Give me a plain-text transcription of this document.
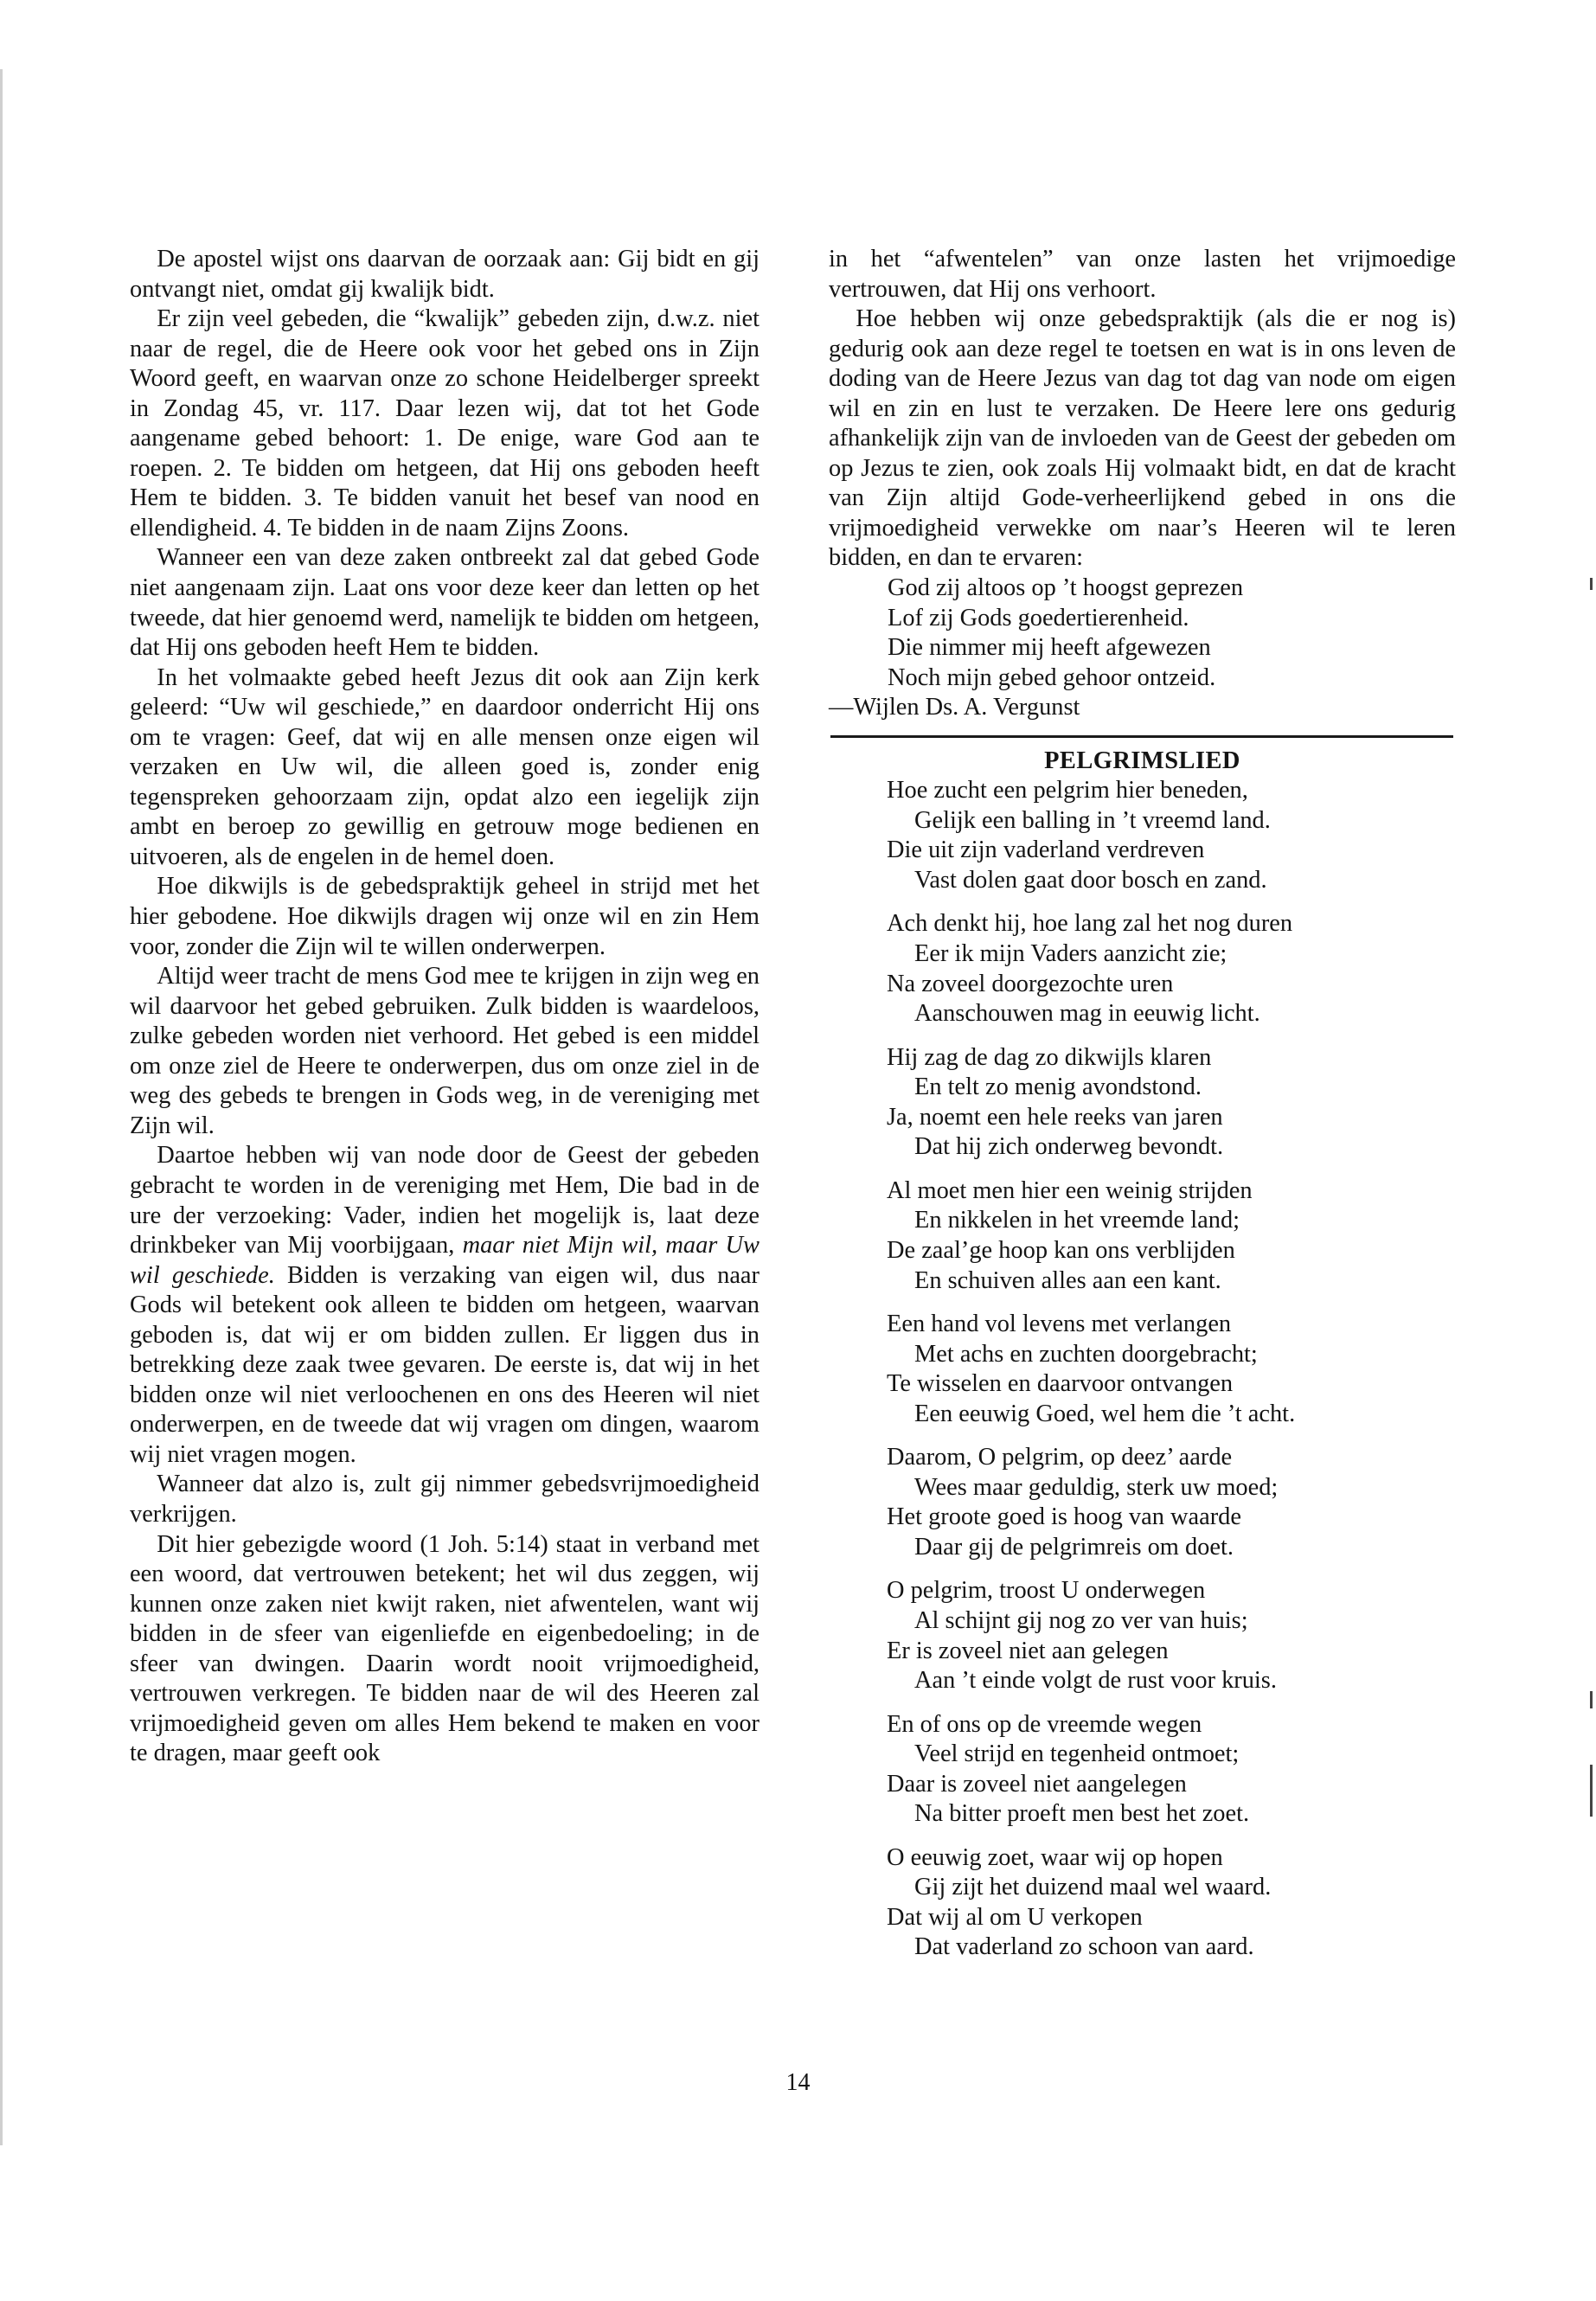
De apostel wijst ons daarvan de oorzaak aan: Gij bidt en gij ontvangt niet, omdat gij kwalijk bidt.

Er zijn veel gebeden, die “kwalijk” gebeden zijn, d.w.z. niet naar de regel, die de Heere ook voor het gebed ons in Zijn Woord geeft, en waarvan onze zo schone Heidelberger spreekt in Zondag 45, vr. 117. Daar lezen wij, dat tot het Gode aangename gebed behoort: 1. De enige, ware God aan te roepen. 2. Te bidden om hetgeen, dat Hij ons geboden heeft Hem te bidden. 3. Te bidden vanuit het besef van nood en ellendigheid. 4. Te bidden in de naam Zijns Zoons.

Wanneer een van deze zaken ontbreekt zal dat gebed Gode niet aangenaam zijn. Laat ons voor deze keer dan letten op het tweede, dat hier genoemd werd, namelijk te bidden om hetgeen, dat Hij ons geboden heeft Hem te bidden.

In het volmaakte gebed heeft Jezus dit ook aan Zijn kerk geleerd: “Uw wil geschiede,” en daardoor onderricht Hij ons om te vragen: Geef, dat wij en alle mensen onze eigen wil verzaken en Uw wil, die alleen goed is, zonder enig tegenspreken gehoorzaam zijn, opdat alzo een iegelijk zijn ambt en beroep zo gewillig en getrouw moge bedienen en uitvoeren, als de engelen in de hemel doen.

Hoe dikwijls is de gebedspraktijk geheel in strijd met het hier gebodene. Hoe dikwijls dragen wij onze wil en zin Hem voor, zonder die Zijn wil te willen onderwerpen.

Altijd weer tracht de mens God mee te krijgen in zijn weg en wil daarvoor het gebed gebruiken. Zulk bidden is waardeloos, zulke gebeden worden niet verhoord. Het gebed is een middel om onze ziel de Heere te onderwerpen, dus om onze ziel in de weg des gebeds te brengen in Gods weg, in de vereniging met Zijn wil.

Daartoe hebben wij van node door de Geest der gebeden gebracht te worden in de vereniging met Hem, Die bad in de ure der verzoeking: Vader, indien het mogelijk is, laat deze drinkbeker van Mij voorbijgaan, maar niet Mijn wil, maar Uw wil geschiede. Bidden is verzaking van eigen wil, dus naar Gods wil betekent ook alleen te bidden om hetgeen, waarvan geboden is, dat wij er om bidden zullen. Er liggen dus in betrekking deze zaak twee gevaren. De eerste is, dat wij in het bidden onze wil niet verloochenen en ons des Heeren wil niet onderwerpen, en de tweede dat wij vragen om dingen, waarom wij niet vragen mogen.

Wanneer dat alzo is, zult gij nimmer gebedsvrijmoedigheid verkrijgen.

Dit hier gebezigde woord (1 Joh. 5:14) staat in verband met een woord, dat vertrouwen betekent; het wil dus zeggen, wij kunnen onze zaken niet kwijt raken, niet afwentelen, want wij bidden in de sfeer van eigenliefde en eigenbedoeling; in de sfeer van dwingen. Daarin wordt nooit vrijmoedigheid, vertrouwen verkregen. Te bidden naar de wil des Heeren zal vrijmoedigheid geven om alles Hem bekend te maken en voor te dragen, maar geeft ook

in het “afwentelen” van onze lasten het vrijmoedige vertrouwen, dat Hij ons verhoort.

Hoe hebben wij onze gebedspraktijk (als die er nog is) gedurig ook aan deze regel te toetsen en wat is in ons leven de doding van de Heere Jezus van dag tot dag van node om eigen wil en zin en lust te verzaken. De Heere lere ons gedurig afhankelijk zijn van de invloeden van de Geest der gebeden om op Jezus te zien, ook zoals Hij volmaakt bidt, en dat de kracht van Zijn altijd Gode-verheerlijkend gebed in ons die vrijmoedigheid verwekke om naar’s Heeren wil te leren bidden, en dan te ervaren:

God zij altoos op ’t hoogst geprezen
Lof zij Gods goedertierenheid.
Die nimmer mij heeft afgewezen
Noch mijn gebed gehoor ontzeid.

—Wijlen Ds. A. Vergunst

PELGRIMSLIED
Hoe zucht een pelgrim hier beneden,
Gelijk een balling in ’t vreemd land.
Die uit zijn vaderland verdreven
Vast dolen gaat door bosch en zand.
Ach denkt hij, hoe lang zal het nog duren
Eer ik mijn Vaders aanzicht zie;
Na zoveel doorgezochte uren
Aanschouwen mag in eeuwig licht.
Hij zag de dag zo dikwijls klaren
En telt zo menig avondstond.
Ja, noemt een hele reeks van jaren
Dat hij zich onderweg bevondt.
Al moet men hier een weinig strijden
En nikkelen in het vreemde land;
De zaal’ge hoop kan ons verblijden
En schuiven alles aan een kant.
Een hand vol levens met verlangen
Met achs en zuchten doorgebracht;
Te wisselen en daarvoor ontvangen
Een eeuwig Goed, wel hem die ’t acht.
Daarom, O pelgrim, op deez’ aarde
Wees maar geduldig, sterk uw moed;
Het groote goed is hoog van waarde
Daar gij de pelgrimreis om doet.
O pelgrim, troost U onderwegen
Al schijnt gij nog zo ver van huis;
Er is zoveel niet aan gelegen
Aan ’t einde volgt de rust voor kruis.
En of ons op de vreemde wegen
Veel strijd en tegenheid ontmoet;
Daar is zoveel niet aangelegen
Na bitter proeft men best het zoet.
O eeuwig zoet, waar wij op hopen
Gij zijt het duizend maal wel waard.
Dat wij al om U verkopen
Dat vaderland zo schoon van aard.
14
